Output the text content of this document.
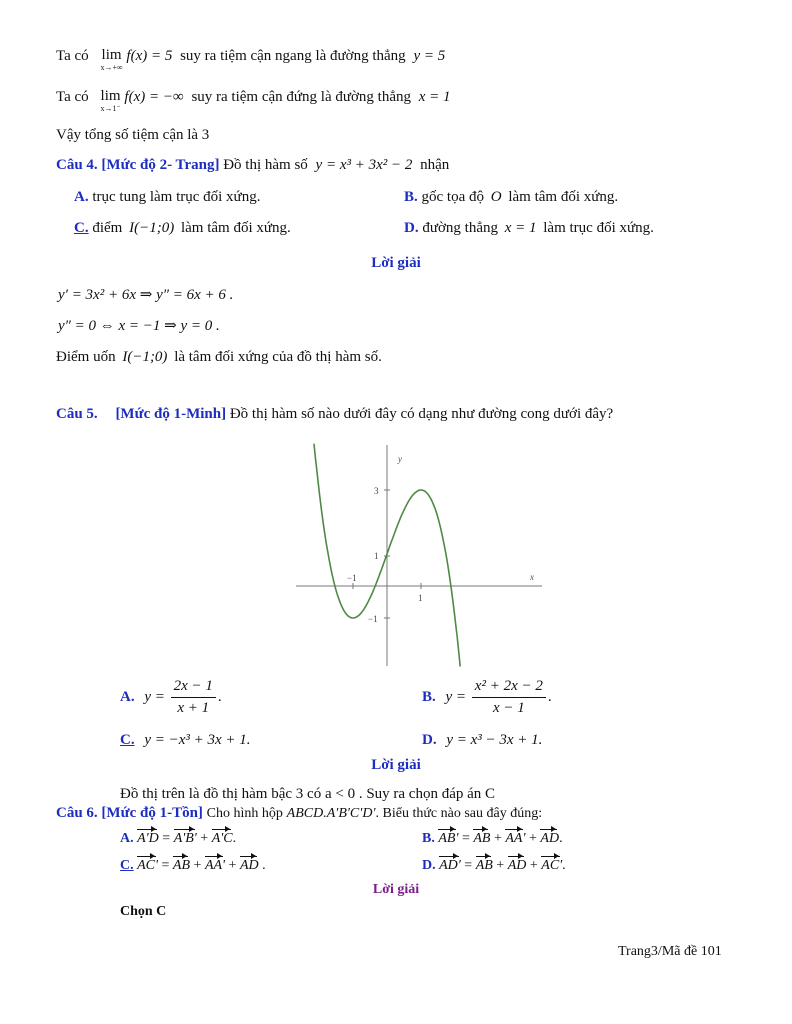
Ta có lim
x→+∞
f(x) = 5 suy ra tiệm cận ngang là đường thẳng y = 5
Ta có lim
x→1⁻
f(x) = −∞ suy ra tiệm cận đứng là đường thẳng x = 1
Vậy tổng số tiệm cận là 3
Câu 4. [Mức độ 2- Trang] Đồ thị hàm số y = x³ + 3x² − 2 nhận
A. trục tung làm trục đối xứng.	B. gốc tọa độ O làm tâm đối xứng.
C. điểm I(−1;0) làm tâm đối xứng.	D. đường thẳng x = 1 làm trục đối xứng.
Lời giải
y′ = 3x² + 6x ⇒ y″ = 6x + 6 .
y″ = 0 ⇔ x = −1 ⇒ y = 0 .
Điểm uốn I(−1;0) là tâm đối xứng của đồ thị hàm số.
Câu 5. [Mức độ 1-Minh] Đồ thị hàm số nào dưới đây có dạng như đường cong dưới đây?
y
x
3
1
−1
1
−1
A. $y = \frac{2x - 1}{x + 1}$ .	B. $y = \frac{\text{x² + 2x − 2}}{x - 1}$ .
C. y = −x³ + 3x + 1.	D. y = x³ − 3x + 1.
Lời giải
Đồ thị trên là đồ thị hàm bậc 3 có a < 0 . Suy ra chọn đáp án C
Câu 6. [Mức độ 1-Tồn] Cho hình hộp ABCD.A′B′C′D′. Biểu thức nào sau đây đúng:
A. A'D = A'B' + A'C.	B. AB' = AB + AA' + AD.
C. AC' = AB + AA' + AD .	D. AD' = AB + AD + AC'.
Lời giải
Chọn C
Trang3/Mã đề 101
